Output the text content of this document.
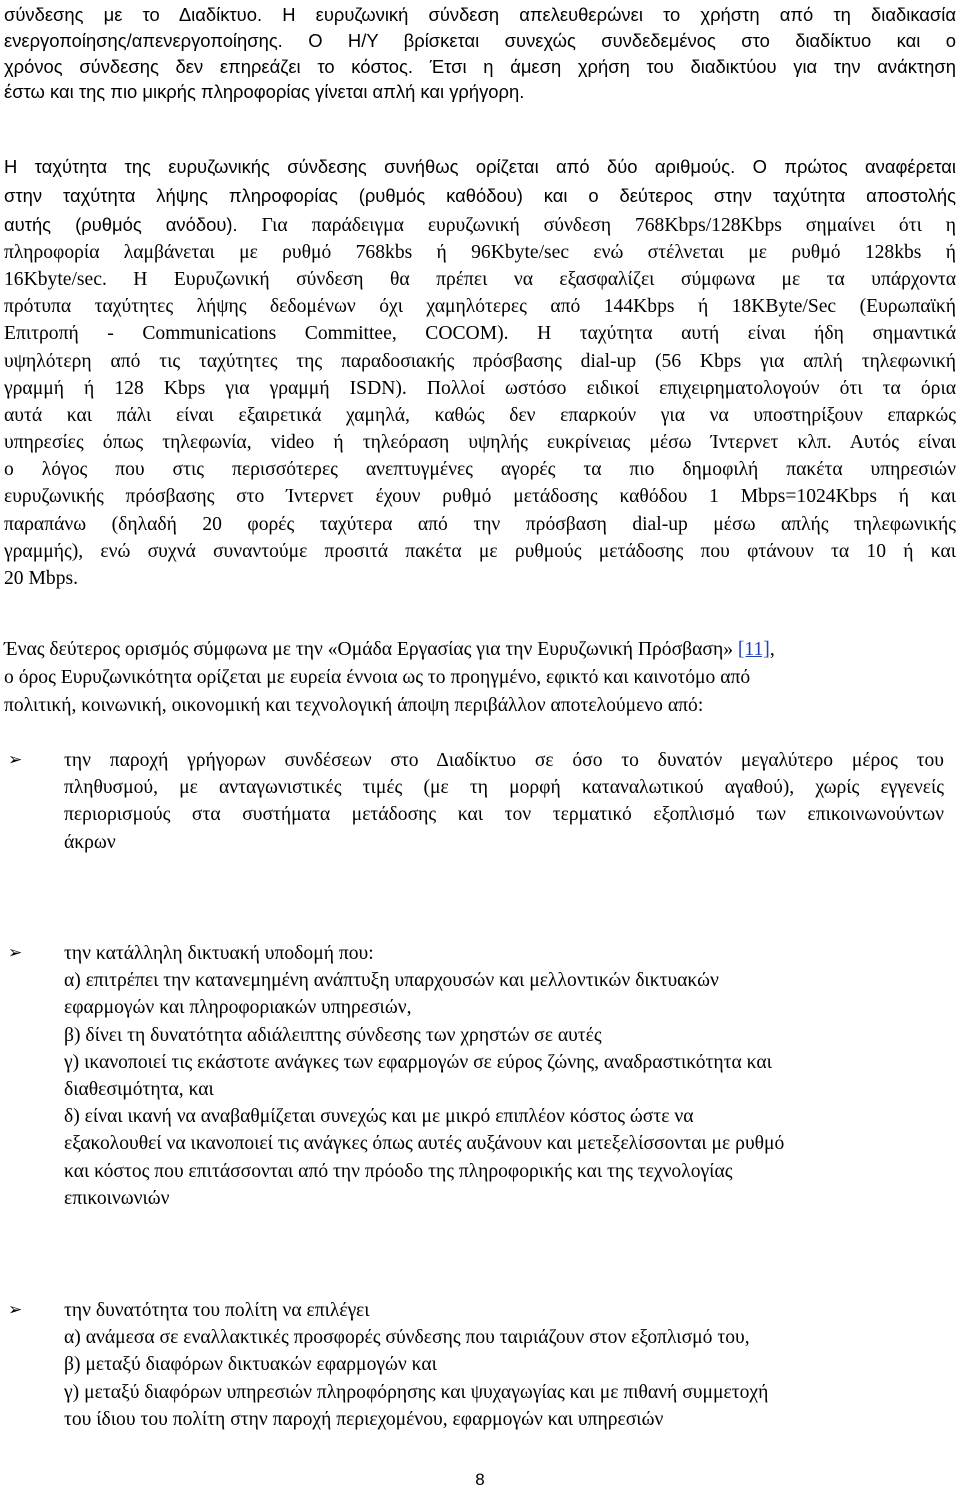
σύνδεσης με το Διαδίκτυο. Η ευρυζωνική σύνδεση απελευθερώνει το χρήστη από τη διαδικασία
ενεργοποίησης/απενεργοποίησης. Ο Η/Υ βρίσκεται συνεχώς συνδεδεμένος στο διαδίκτυο και ο
χρόνος σύνδεσης δεν επηρεάζει το κόστος. Έτσι η άμεση χρήση του διαδικτύου για την ανάκτηση
έστω και της πιο μικρής πληροφορίας γίνεται απλή και γρήγορη.
Η ταχύτητα της ευρυζωνικής σύνδεσης συνήθως ορίζεται από δύο αριθμούς. Ο πρώτος αναφέρεται
στην ταχύτητα λήψης πληροφορίας (ρυθμός καθόδου) και ο δεύτερος στην ταχύτητα αποστολής
αυτής (ρυθμός ανόδου). Για παράδειγμα ευρυζωνική σύνδεση 768Kbps/128Kbps σημαίνει ότι η
πληροφορία λαμβάνεται με ρυθμό 768kbs ή 96Kbyte/sec ενώ στέλνεται με ρυθμό 128kbs ή
16Kbyte/sec. Η Ευρυζωνική σύνδεση θα πρέπει να εξασφαλίζει σύμφωνα με τα υπάρχοντα
πρότυπα ταχύτητες λήψης δεδομένων όχι χαμηλότερες από 144Kbps ή 18KByte/Sec (Ευρωπαϊκή
Επιτροπή - Communications Committee, COCOM). Η ταχύτητα αυτή είναι ήδη σημαντικά
υψηλότερη από τις ταχύτητες της παραδοσιακής πρόσβασης dial-up (56 Kbps για απλή τηλεφωνική
γραμμή ή 128 Kbps για γραμμή ISDN). Πολλοί ωστόσο ειδικοί επιχειρηματολογούν ότι τα όρια
αυτά και πάλι είναι εξαιρετικά χαμηλά, καθώς δεν επαρκούν για να υποστηρίξουν επαρκώς
υπηρεσίες όπως τηλεφωνία, video ή τηλεόραση υψηλής ευκρίνειας μέσω Ίντερνετ κλπ. Αυτός είναι
ο λόγος που στις περισσότερες ανεπτυγμένες αγορές τα πιο δημοφιλή πακέτα υπηρεσιών
ευρυζωνικής πρόσβασης στο Ίντερνετ έχουν ρυθμό μετάδοσης καθόδου 1 Mbps=1024Kbps ή και
παραπάνω (δηλαδή 20 φορές ταχύτερα από την πρόσβαση dial-up μέσω απλής τηλεφωνικής
γραμμής), ενώ συχνά συναντούμε προσιτά πακέτα με ρυθμούς μετάδοσης που φτάνουν τα 10 ή και
20 Mbps.
Ένας δεύτερος ορισμός σύμφωνα με την «Ομάδα Εργασίας για την Ευρυζωνική Πρόσβαση» [11],
ο όρος Ευρυζωνικότητα ορίζεται με ευρεία έννοια ως το προηγμένο, εφικτό και καινοτόμο από
πολιτική, κοινωνική, οικονομική και τεχνολογική άποψη περιβάλλον αποτελούμενο από:
➢ την παροχή γρήγορων συνδέσεων στο Διαδίκτυο σε όσο το δυνατόν μεγαλύτερο μέρος του
πληθυσμού, με ανταγωνιστικές τιμές (με τη μορφή καταναλωτικού αγαθού), χωρίς εγγενείς
περιορισμούς στα συστήματα μετάδοσης και τον τερματικό εξοπλισμό των επικοινωνούντων
άκρων
➢ την κατάλληλη δικτυακή υποδομή που:
α) επιτρέπει την κατανεμημένη ανάπτυξη υπαρχουσών και μελλοντικών δικτυακών
εφαρμογών και πληροφοριακών υπηρεσιών,
β) δίνει τη δυνατότητα αδιάλειπτης σύνδεσης των χρηστών σε αυτές
γ) ικανοποιεί τις εκάστοτε ανάγκες των εφαρμογών σε εύρος ζώνης, αναδραστικότητα και
διαθεσιμότητα, και
δ) είναι ικανή να αναβαθμίζεται συνεχώς και με μικρό επιπλέον κόστος ώστε να
εξακολουθεί να ικανοποιεί τις ανάγκες όπως αυτές αυξάνουν και μετεξελίσσονται με ρυθμό
και κόστος που επιτάσσονται από την πρόοδο της πληροφορικής και της τεχνολογίας
επικοινωνιών
➢ την δυνατότητα του πολίτη να επιλέγει
α) ανάμεσα σε εναλλακτικές προσφορές σύνδεσης που ταιριάζουν στον εξοπλισμό του,
β) μεταξύ διαφόρων δικτυακών εφαρμογών και
γ) μεταξύ διαφόρων υπηρεσιών πληροφόρησης και ψυχαγωγίας και με πιθανή συμμετοχή
του ίδιου του πολίτη στην παροχή περιεχομένου, εφαρμογών και υπηρεσιών
8
